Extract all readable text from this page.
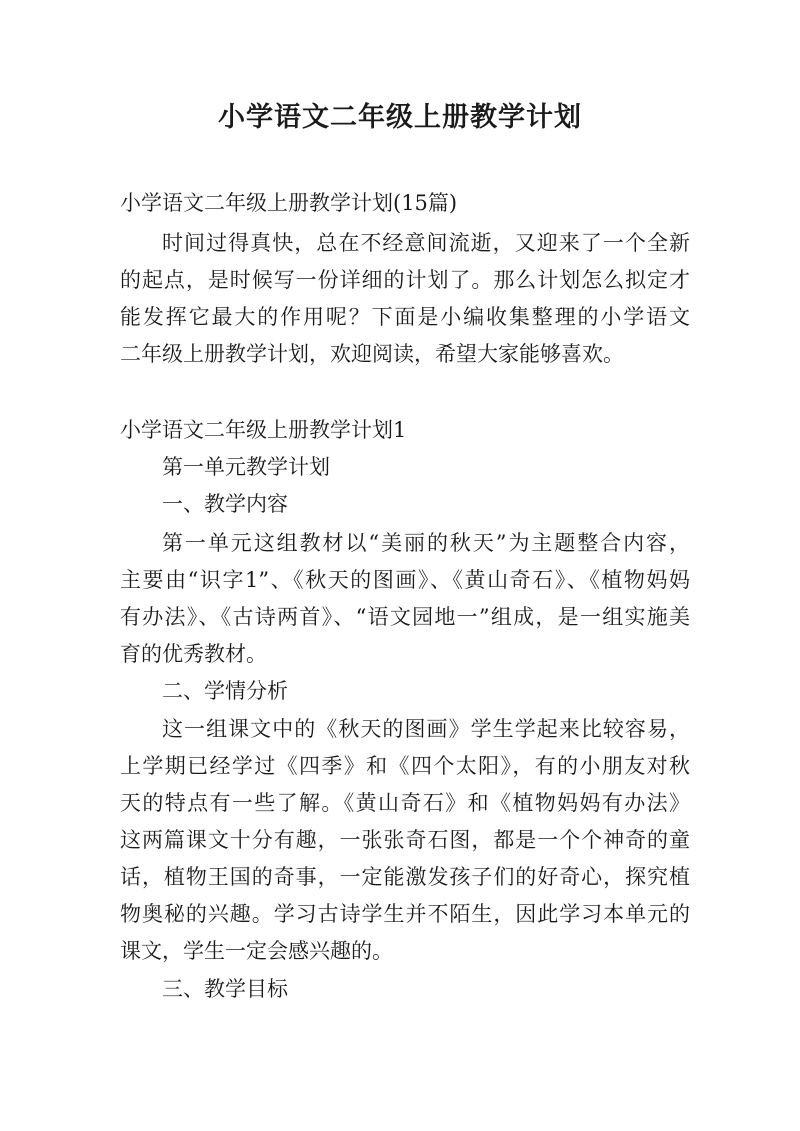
小学语文二年级上册教学计划
小学语文二年级上册教学计划(15篇)
时间过得真快，总在不经意间流逝，又迎来了一个全新
的起点，是时候写一份详细的计划了。那么计划怎么拟定才
能发挥它最大的作用呢？下面是小编收集整理的小学语文
二年级上册教学计划，欢迎阅读，希望大家能够喜欢。
小学语文二年级上册教学计划1
第一单元教学计划
一、教学内容
第一单元这组教材以“美丽的秋天”为主题整合内容，
主要由“识字1”、《秋天的图画》、《黄山奇石》、《植物妈妈
有办法》、《古诗两首》、“语文园地一”组成，是一组实施美
育的优秀教材。
二、学情分析
这一组课文中的《秋天的图画》学生学起来比较容易，
上学期已经学过《四季》和《四个太阳》，有的小朋友对秋
天的特点有一些了解。《黄山奇石》和《植物妈妈有办法》
这两篇课文十分有趣，一张张奇石图，都是一个个神奇的童
话，植物王国的奇事，一定能激发孩子们的好奇心，探究植
物奥秘的兴趣。学习古诗学生并不陌生，因此学习本单元的
课文，学生一定会感兴趣的。
三、教学目标
